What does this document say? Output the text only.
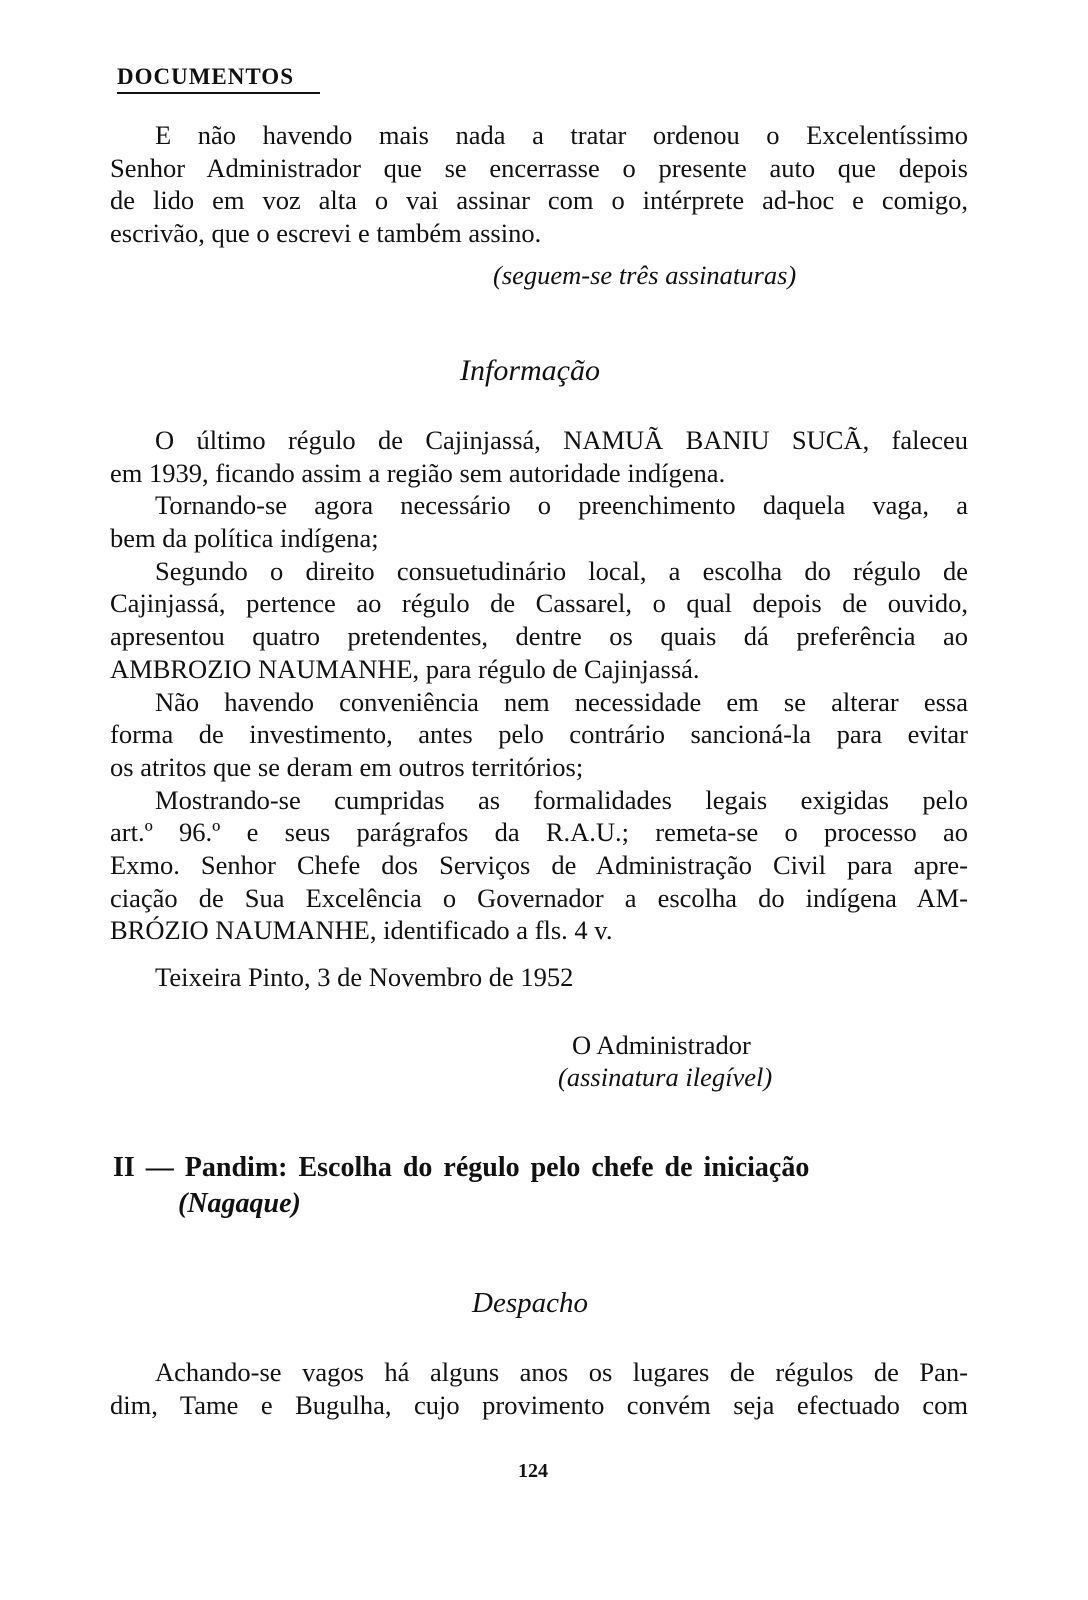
DOCUMENTOS
E não havendo mais nada a tratar ordenou o Excelentíssimo
Senhor Administrador que se encerrasse o presente auto que depois
de lido em voz alta o vai assinar com o intérprete ad-hoc e comigo,
escrivão, que o escrevi e também assino.
(seguem-se três assinaturas)
Informação
O último régulo de Cajinjassá, NAMUÃ BANIU SUCÃ, faleceu
em 1939, ficando assim a região sem autoridade indígena.
Tornando-se agora necessário o preenchimento daquela vaga, a
bem da política indígena;
Segundo o direito consuetudinário local, a escolha do régulo de
Cajinjassá, pertence ao régulo de Cassarel, o qual depois de ouvido,
apresentou quatro pretendentes, dentre os quais dá preferência ao
AMBROZIO NAUMANHE, para régulo de Cajinjassá.
Não havendo conveniência nem necessidade em se alterar essa
forma de investimento, antes pelo contrário sancioná-la para evitar
os atritos que se deram em outros territórios;
Mostrando-se cumpridas as formalidades legais exigidas pelo
art.º 96.º e seus parágrafos da R.A.U.; remeta-se o processo ao
Exmo. Senhor Chefe dos Serviços de Administração Civil para apre-
ciação de Sua Excelência o Governador a escolha do indígena AM-
BRÓZIO NAUMANHE, identificado a fls. 4 v.
Teixeira Pinto, 3 de Novembro de 1952
O Administrador
(assinatura ilegível)
II — Pandim: Escolha do régulo pelo chefe de iniciação
(Nagaque)
Despacho
Achando-se vagos há alguns anos os lugares de régulos de Pan-
dim, Tame e Bugulha, cujo provimento convém seja efectuado com
124
